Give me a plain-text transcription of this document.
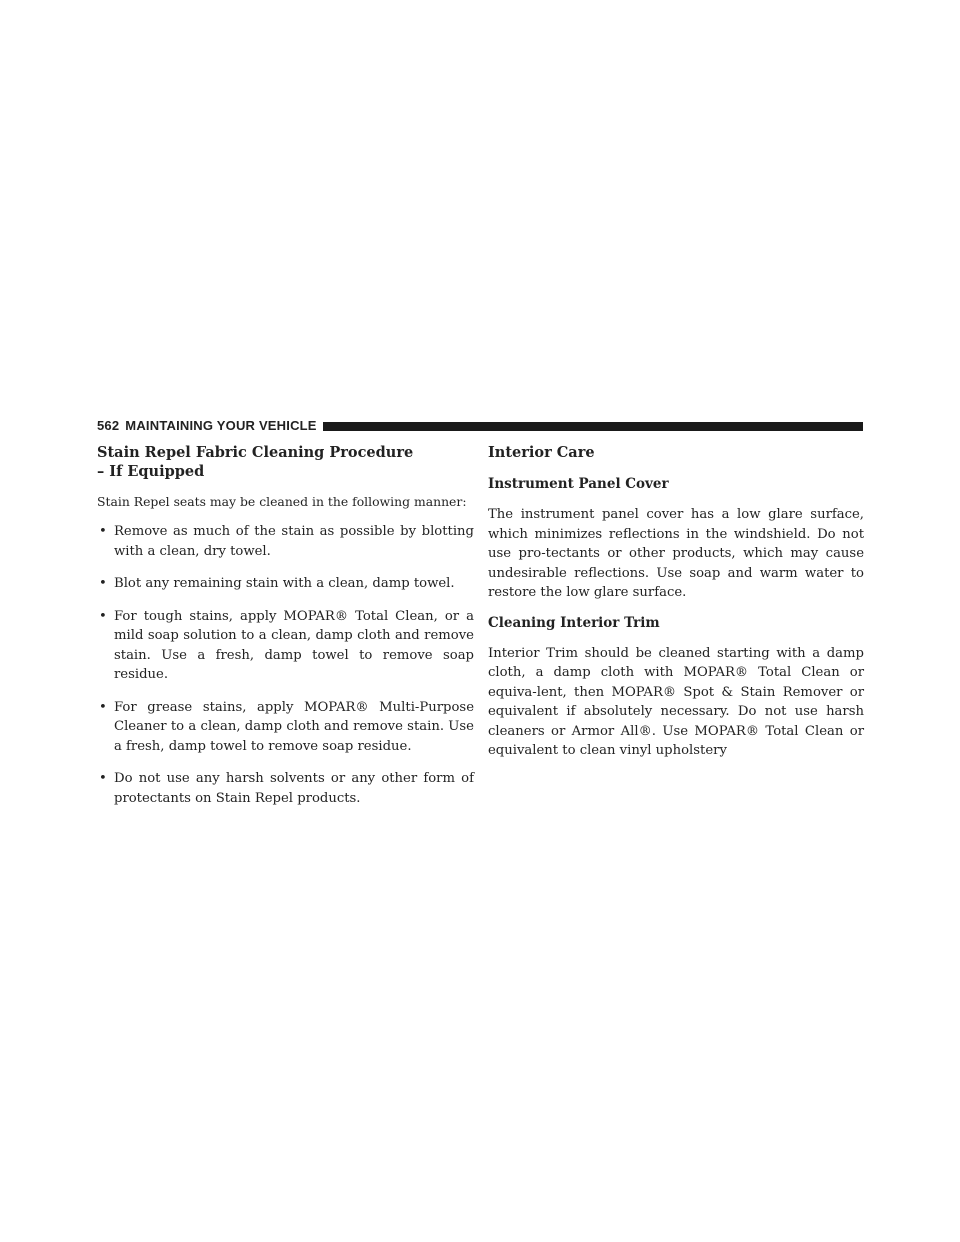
562 MAINTAINING YOUR VEHICLE
Stain Repel Fabric Cleaning Procedure – If Equipped

Stain Repel seats may be cleaned in the following manner:

• Remove as much of the stain as possible by blotting with a clean, dry towel.
• Blot any remaining stain with a clean, damp towel.
• For tough stains, apply MOPAR® Total Clean, or a mild soap solution to a clean, damp cloth and remove stain. Use a fresh, damp towel to remove soap residue.
• For grease stains, apply MOPAR® Multi-Purpose Cleaner to a clean, damp cloth and remove stain. Use a fresh, damp towel to remove soap residue.
• Do not use any harsh solvents or any other form of protectants on Stain Repel products.
Interior Care
Instrument Panel Cover

The instrument panel cover has a low glare surface, which minimizes reflections in the windshield. Do not use pro-tectants or other products, which may cause undesirable reflections. Use soap and warm water to restore the low glare surface.

Cleaning Interior Trim

Interior Trim should be cleaned starting with a damp cloth, a damp cloth with MOPAR® Total Clean or equiva-lent, then MOPAR® Spot & Stain Remover or equivalent if absolutely necessary. Do not use harsh cleaners or Armor All®. Use MOPAR® Total Clean or equivalent to clean vinyl upholstery
